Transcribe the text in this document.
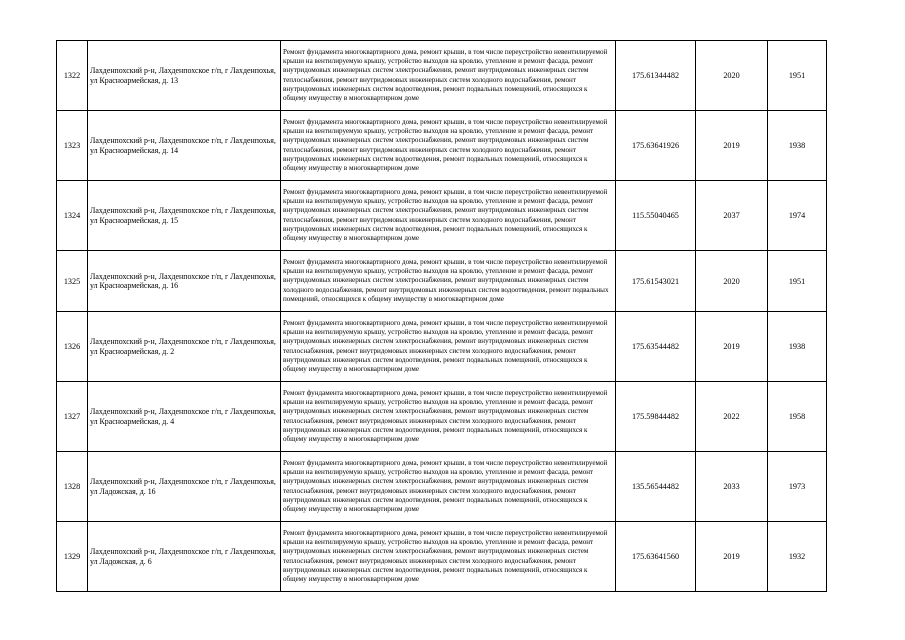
1322	Лахденпохский р-н, Лахденпохское г/п, г Лахденпохья, ул Красноармейская, д. 13	Ремонт фундамента многоквартирного дома, ремонт крыши, в том числе переустройство невентилируемой крыши на вентилируемую крышу, устройство выходов на кровлю, утепление и ремонт фасада, ремонт внутридомовых инженерных систем электроснабжения, ремонт внутридомовых инженерных систем теплоснабжения, ремонт внутридомовых инженерных систем холодного водоснабжения, ремонт внутридомовых инженерных систем водоотведения, ремонт подвальных помещений, относящихся к общему имуществу в многоквартирном доме	175.61344482	2020	1951
1323	Лахденпохский р-н, Лахденпохское г/п, г Лахденпохья, ул Красноармейская, д. 14	Ремонт фундамента многоквартирного дома, ремонт крыши, в том числе переустройство невентилируемой крыши на вентилируемую крышу, устройство выходов на кровлю, утепление и ремонт фасада, ремонт внутридомовых инженерных систем электроснабжения, ремонт внутридомовых инженерных систем теплоснабжения, ремонт внутридомовых инженерных систем холодного водоснабжения, ремонт внутридомовых инженерных систем водоотведения, ремонт подвальных помещений, относящихся к общему имуществу в многоквартирном доме	175.63641926	2019	1938
1324	Лахденпохский р-н, Лахденпохское г/п, г Лахденпохья, ул Красноармейская, д. 15	Ремонт фундамента многоквартирного дома, ремонт крыши, в том числе переустройство невентилируемой крыши на вентилируемую крышу, устройство выходов на кровлю, утепление и ремонт фасада, ремонт внутридомовых инженерных систем электроснабжения, ремонт внутридомовых инженерных систем теплоснабжения, ремонт внутридомовых инженерных систем холодного водоснабжения, ремонт внутридомовых инженерных систем водоотведения, ремонт подвальных помещений, относящихся к общему имуществу в многоквартирном доме	115.55040465	2037	1974
1325	Лахденпохский р-н, Лахденпохское г/п, г Лахденпохья, ул Красноармейская, д. 16	Ремонт фундамента многоквартирного дома, ремонт крыши, в том числе переустройство невентилируемой крыши на вентилируемую крышу, устройство выходов на кровлю, утепление и ремонт фасада, ремонт внутридомовых инженерных систем электроснабжения, ремонт внутридомовых инженерных систем холодного водоснабжения, ремонт внутридомовых инженерных систем водоотведения, ремонт подвальных помещений, относящихся к общему имуществу в многоквартирном доме	175.61543021	2020	1951
1326	Лахденпохский р-н, Лахденпохское г/п, г Лахденпохья, ул Красноармейская, д. 2	Ремонт фундамента многоквартирного дома, ремонт крыши, в том числе переустройство невентилируемой крыши на вентилируемую крышу, устройство выходов на кровлю, утепление и ремонт фасада, ремонт внутридомовых инженерных систем электроснабжения, ремонт внутридомовых инженерных систем теплоснабжения, ремонт внутридомовых инженерных систем холодного водоснабжения, ремонт внутридомовых инженерных систем водоотведения, ремонт подвальных помещений, относящихся к общему имуществу в многоквартирном доме	175.63544482	2019	1938
1327	Лахденпохский р-н, Лахденпохское г/п, г Лахденпохья, ул Красноармейская, д. 4	Ремонт фундамента многоквартирного дома, ремонт крыши, в том числе переустройство невентилируемой крыши на вентилируемую крышу, устройство выходов на кровлю, утепление и ремонт фасада, ремонт внутридомовых инженерных систем электроснабжения, ремонт внутридомовых инженерных систем теплоснабжения, ремонт внутридомовых инженерных систем холодного водоснабжения, ремонт внутридомовых инженерных систем водоотведения, ремонт подвальных помещений, относящихся к общему имуществу в многоквартирном доме	175.59844482	2022	1958
1328	Лахденпохский р-н, Лахденпохское г/п, г Лахденпохья, ул Ладожская, д. 16	Ремонт фундамента многоквартирного дома, ремонт крыши, в том числе переустройство невентилируемой крыши на вентилируемую крышу, устройство выходов на кровлю, утепление и ремонт фасада, ремонт внутридомовых инженерных систем электроснабжения, ремонт внутридомовых инженерных систем теплоснабжения, ремонт внутридомовых инженерных систем холодного водоснабжения, ремонт внутридомовых инженерных систем водоотведения, ремонт подвальных помещений, относящихся к общему имуществу в многоквартирном доме	135.56544482	2033	1973
1329	Лахденпохский р-н, Лахденпохское г/п, г Лахденпохья, ул Ладожская, д. 6	Ремонт фундамента многоквартирного дома, ремонт крыши, в том числе переустройство невентилируемой крыши на вентилируемую крышу, устройство выходов на кровлю, утепление и ремонт фасада, ремонт внутридомовых инженерных систем электроснабжения, ремонт внутридомовых инженерных систем теплоснабжения, ремонт внутридомовых инженерных систем холодного водоснабжения, ремонт внутридомовых инженерных систем водоотведения, ремонт подвальных помещений, относящихся к общему имуществу в многоквартирном доме	175.63641560	2019	1932
